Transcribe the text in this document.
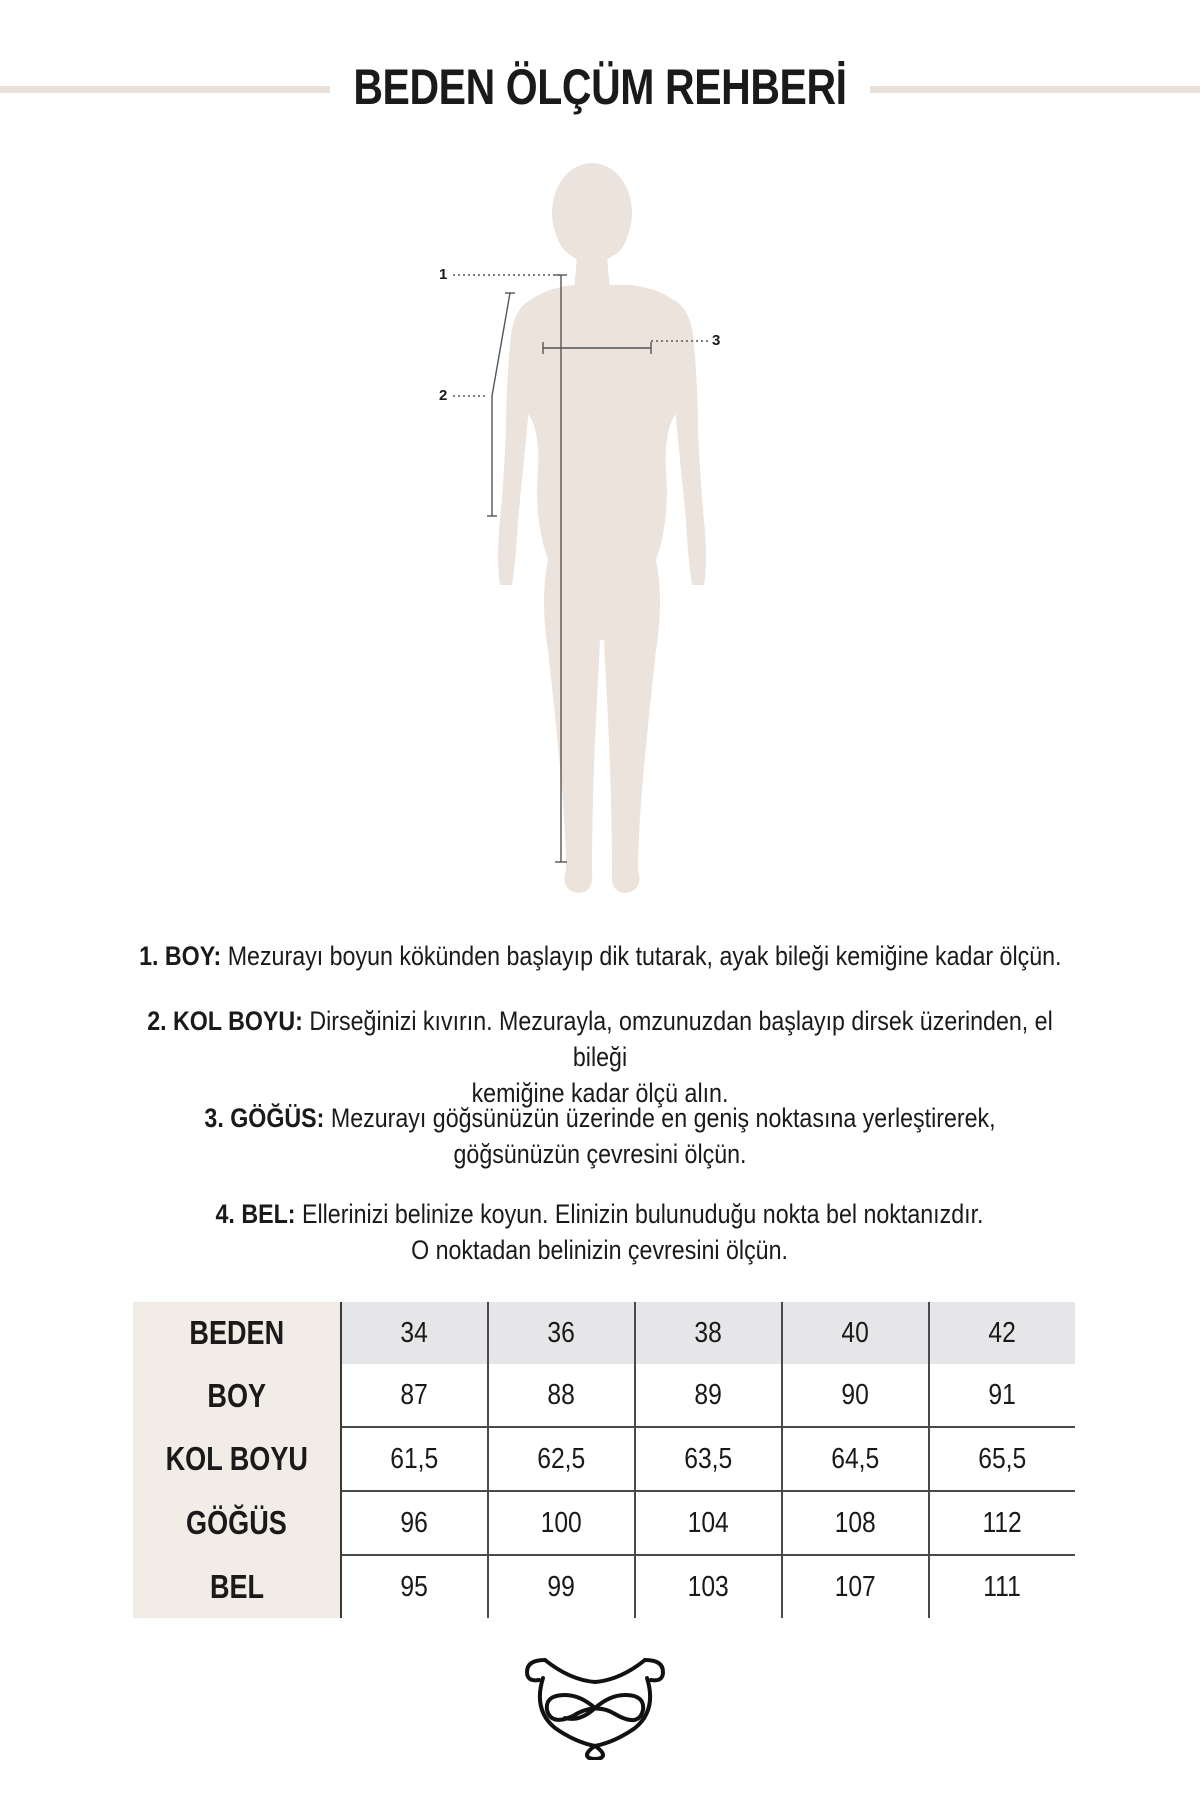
BEDEN ÖLÇÜM REHBERİ
1
2
3
1. BOY: Mezurayı boyun kökünden başlayıp dik tutarak, ayak bileği kemiğine kadar ölçün.
2. KOL BOYU: Dirseğinizi kıvırın. Mezurayla, omzunuzdan başlayıp dirsek üzerinden, el bileği
kemiğine kadar ölçü alın.
3. GÖĞÜS: Mezurayı göğsünüzün üzerinde en geniş noktasına yerleştirerek,
göğsünüzün çevresini ölçün.
4. BEL: Ellerinizi belinize koyun. Elinizin bulunuduğu nokta bel noktanızdır.
O noktadan belinizin çevresini ölçün.
BEDEN	34	36	38	40	42
BOY	87	88	89	90	91
KOL BOYU	61,5	62,5	63,5	64,5	65,5
GÖĞÜS	96	100	104	108	112
BEL	95	99	103	107	111
